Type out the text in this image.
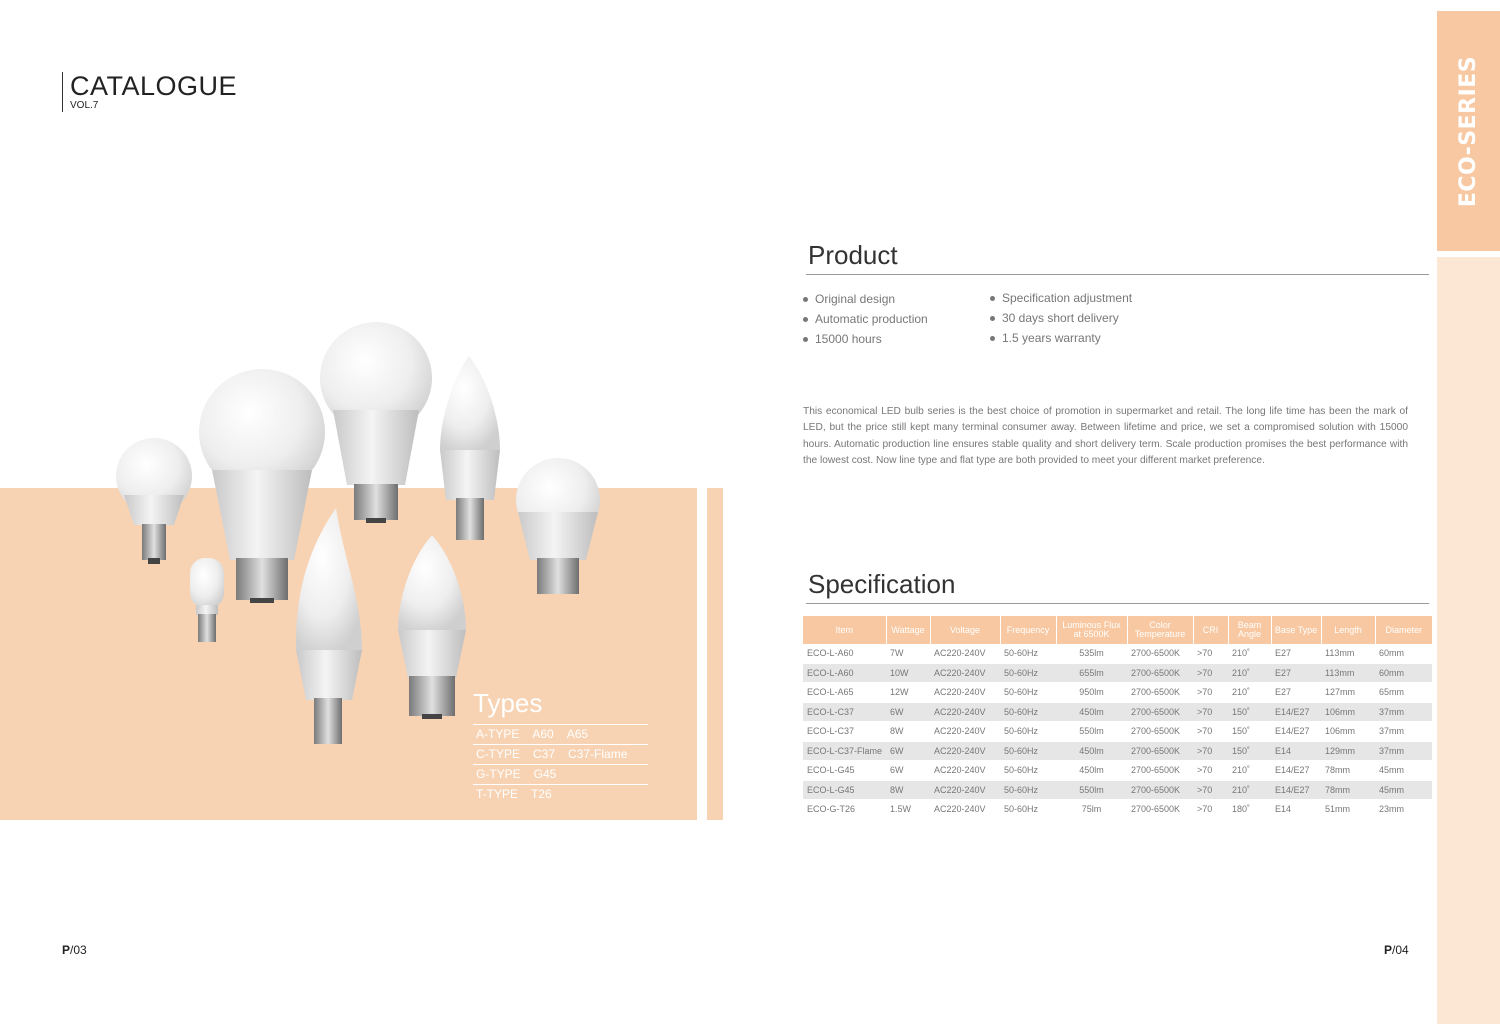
CATALOGUE
VOL.7
Types
A-TYPE A60 A65
C-TYPE C37 C37-Flame
G-TYPE G45
T-TYPE T26
P/03
ECO-SERIES
Product
Original design
Automatic production
15000 hours
Specification adjustment
30 days short delivery
1.5 years warranty
This economical LED bulb series is the best choice of promotion in supermarket and retail. The long life time has been the mark of LED, but the price still kept many terminal consumer away. Between lifetime and price, we set a compromised solution with 15000 hours. Automatic production line ensures stable quality and short delivery term. Scale production promises the best performance with the lowest cost. Now line type and flat type are both provided to meet your different market preference.
Specification
Item	Wattage	Voltage	Frequency	Luminous Flux at 6500K	Color Temperature	CRI	Beam Angle	Base Type	Length	Diameter
ECO-L-A60	7W	AC220-240V	50-60Hz	535lm	2700-6500K	>70	210˚	E27	113mm	60mm
ECO-L-A60	10W	AC220-240V	50-60Hz	655lm	2700-6500K	>70	210˚	E27	113mm	60mm
ECO-L-A65	12W	AC220-240V	50-60Hz	950lm	2700-6500K	>70	210˚	E27	127mm	65mm
ECO-L-C37	6W	AC220-240V	50-60Hz	450lm	2700-6500K	>70	150˚	E14/E27	106mm	37mm
ECO-L-C37	8W	AC220-240V	50-60Hz	550lm	2700-6500K	>70	150˚	E14/E27	106mm	37mm
ECO-L-C37-Flame	6W	AC220-240V	50-60Hz	450lm	2700-6500K	>70	150˚	E14	129mm	37mm
ECO-L-G45	6W	AC220-240V	50-60Hz	450lm	2700-6500K	>70	210˚	E14/E27	78mm	45mm
ECO-L-G45	8W	AC220-240V	50-60Hz	550lm	2700-6500K	>70	210˚	E14/E27	78mm	45mm
ECO-G-T26	1.5W	AC220-240V	50-60Hz	75lm	2700-6500K	>70	180˚	E14	51mm	23mm
P/04
